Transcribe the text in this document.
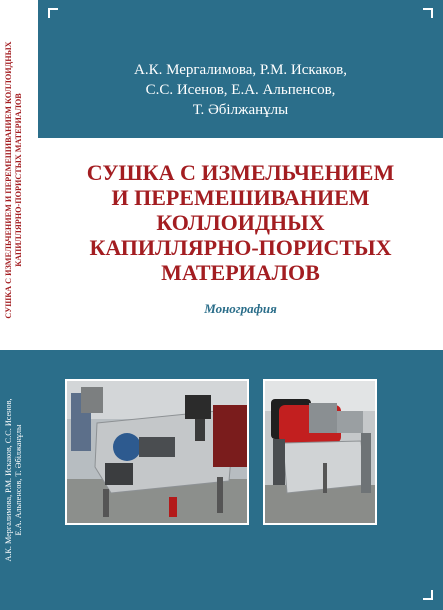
СУШКА С ИЗМЕЛЬЧЕНИЕМ И ПЕРЕМЕШИВАНИЕМ КОЛЛОИДНЫХ КАПИЛЛЯРНО-ПОРИСТЫХ МАТЕРИАЛОВ
А.К. Мергалимова, Р.М. Искаков, С.С. Исенов, Е.А. Альпенсов, Т. Әбілжанұлы
А.К. Мергалимова, Р.М. Искаков,
С.С. Исенов, Е.А. Альпенсов,
Т. Әбілжанұлы
СУШКА С ИЗМЕЛЬЧЕНИЕМ
И ПЕРЕМЕШИВАНИЕМ
КОЛЛОИДНЫХ
КАПИЛЛЯРНО-ПОРИСТЫХ
МАТЕРИАЛОВ
Монография
